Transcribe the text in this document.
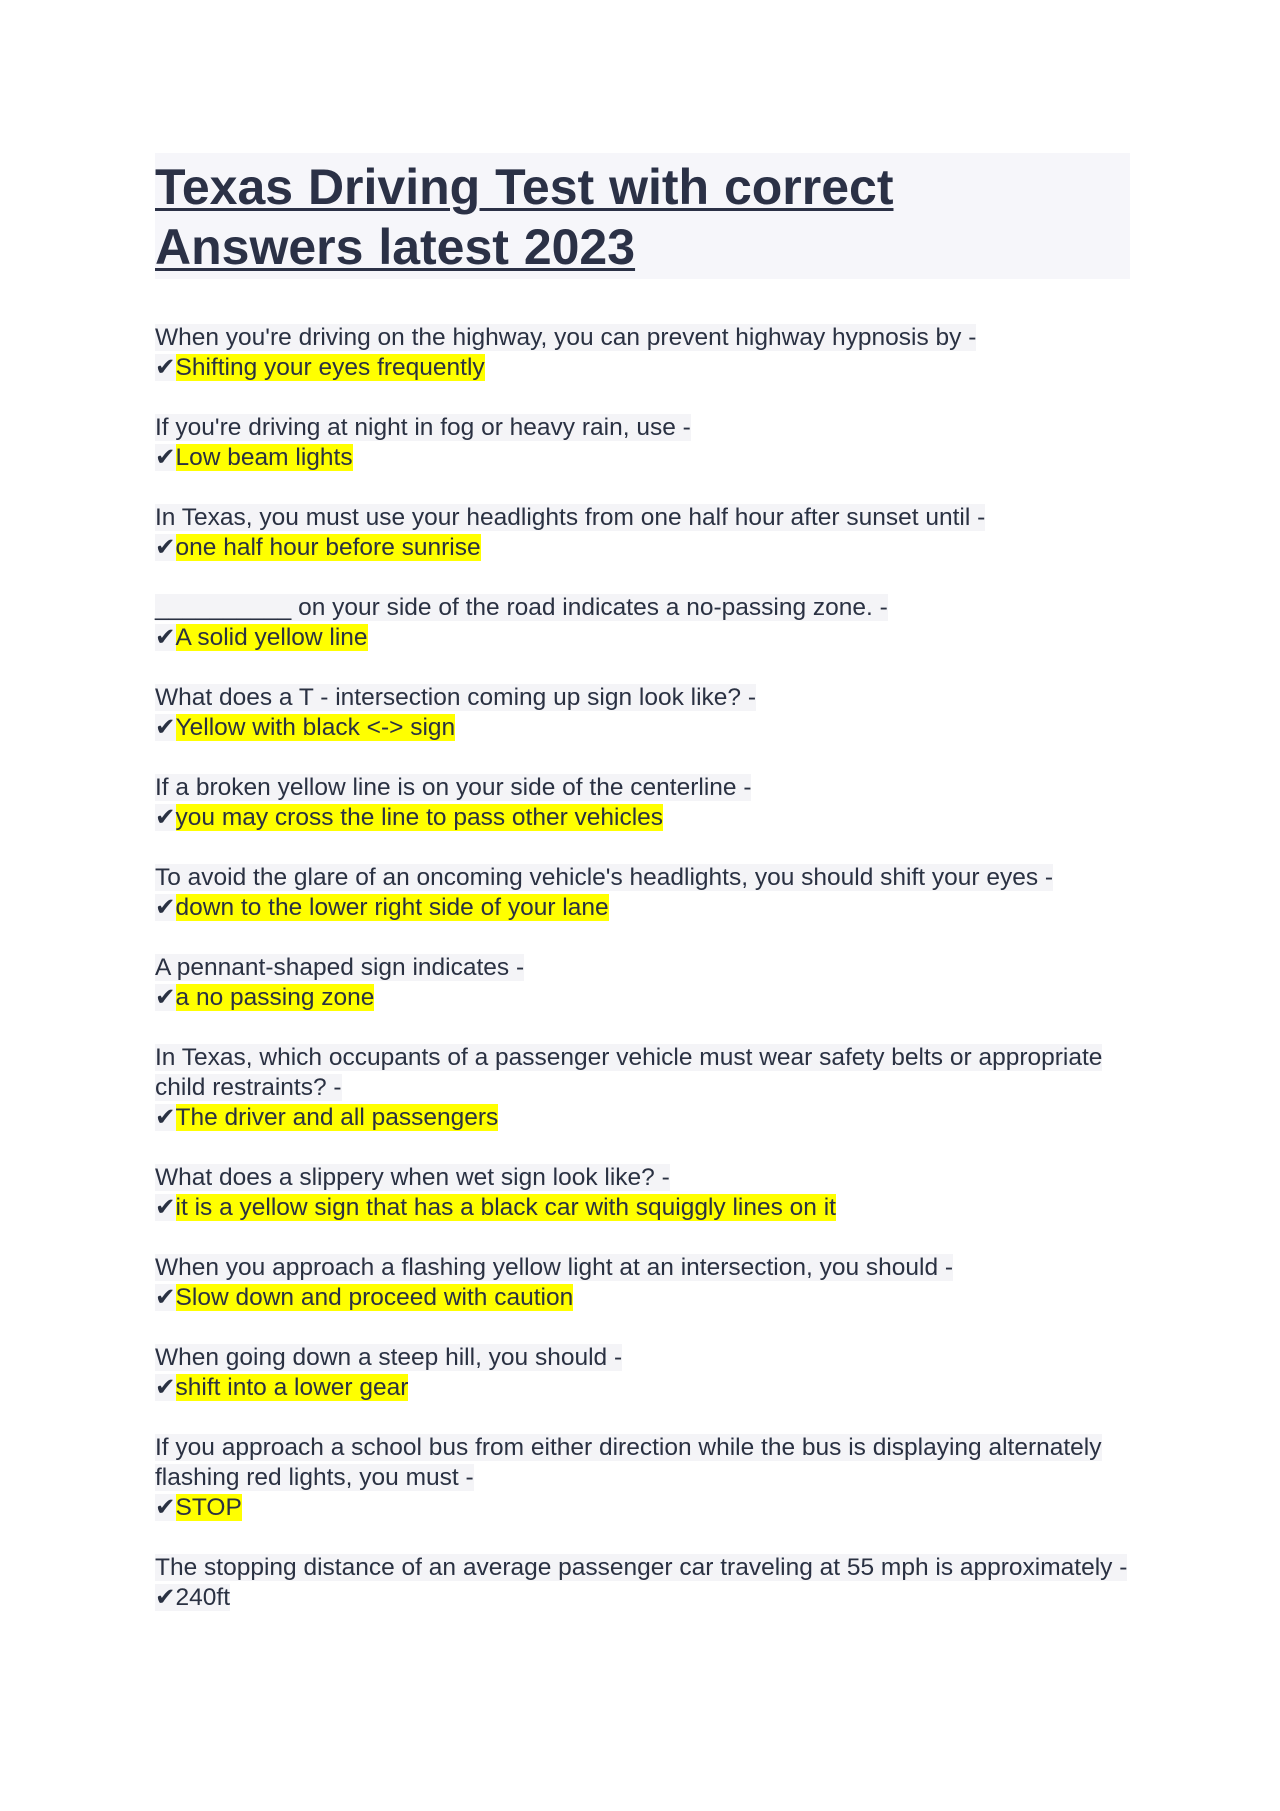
Texas Driving Test with correct
Answers latest 2023
When you're driving on the highway, you can prevent highway hypnosis by -
✔Shifting your eyes frequently
If you're driving at night in fog or heavy rain, use -
✔Low beam lights
In Texas, you must use your headlights from one half hour after sunset until -
✔one half hour before sunrise
__________ on your side of the road indicates a no-passing zone. -
✔A solid yellow line
What does a T - intersection coming up sign look like? -
✔Yellow with black <-> sign
If a broken yellow line is on your side of the centerline -
✔you may cross the line to pass other vehicles
To avoid the glare of an oncoming vehicle's headlights, you should shift your eyes -
✔down to the lower right side of your lane
A pennant-shaped sign indicates -
✔a no passing zone
In Texas, which occupants of a passenger vehicle must wear safety belts or appropriate child restraints? -
✔The driver and all passengers
What does a slippery when wet sign look like? -
✔it is a yellow sign that has a black car with squiggly lines on it
When you approach a flashing yellow light at an intersection, you should -
✔Slow down and proceed with caution
When going down a steep hill, you should -
✔shift into a lower gear
If you approach a school bus from either direction while the bus is displaying alternately flashing red lights, you must -
✔STOP
The stopping distance of an average passenger car traveling at 55 mph is approximately -
✔240ft
